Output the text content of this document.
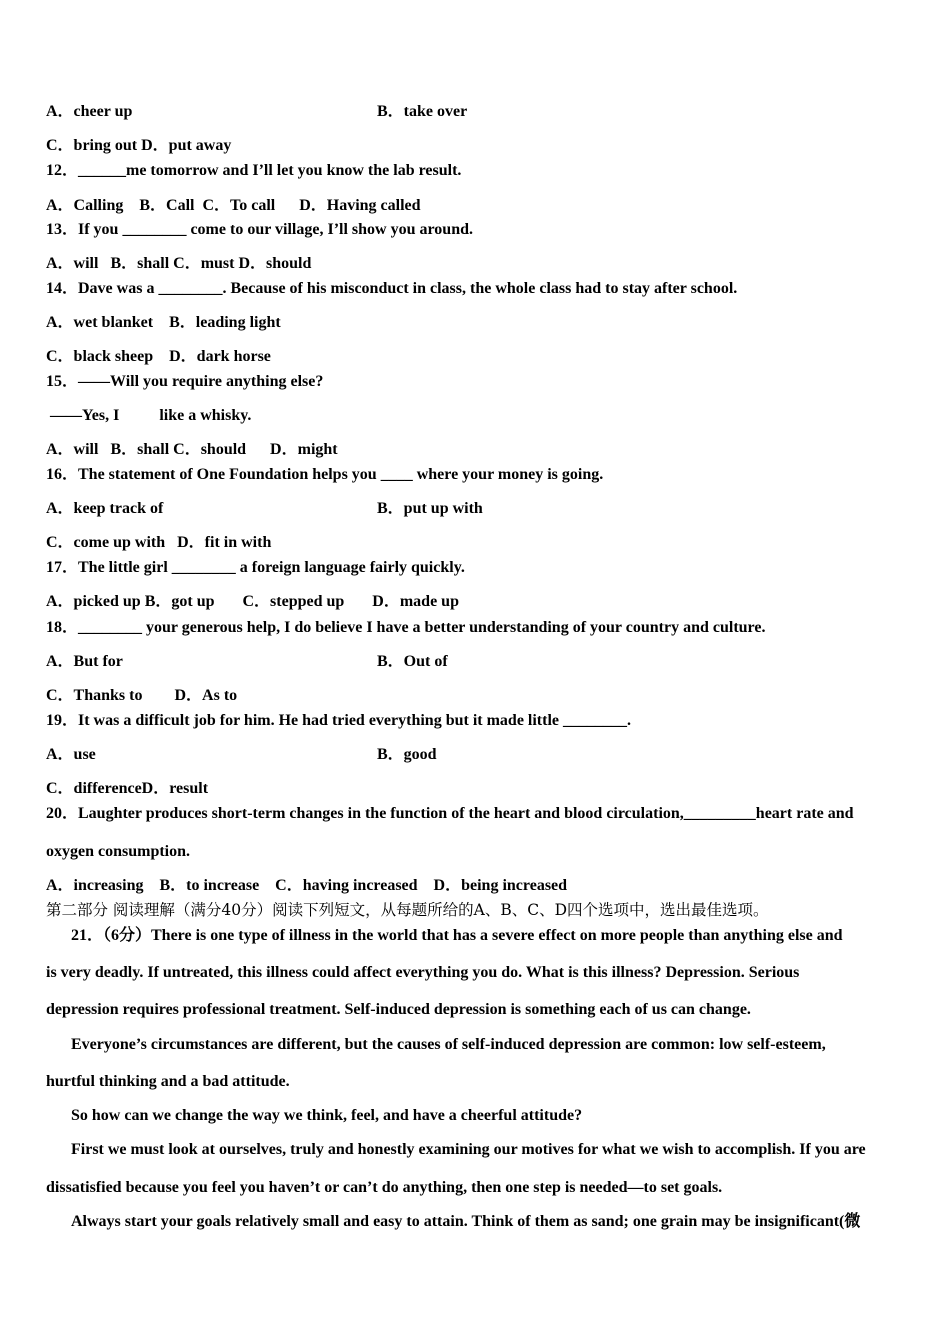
A．cheer up	B．take over
C．bring out D．put away
12．______me tomorrow and I’ll let you know the lab result.
A．Calling    B．Call  C．To call      D．Having called
13．If you ________ come to our village, I’ll show you around.
A．will   B．shall C．must D．should
14．Dave was a ________. Because of his misconduct in class, the whole class had to stay after school.
A．wet blanket    B．leading light
C．black sheep    D．dark horse
15．——Will you require anything else?
——Yes, I          like a whisky.
A．will   B．shall C．should      D．might
16．The statement of One Foundation helps you ____ where your money is going.
A．keep track of	B．put up with
C．come up with   D．fit in with
17．The little girl ________ a foreign language fairly quickly.
A．picked up B．got up       C．stepped up       D．made up
18．________ your generous help, I do believe I have a better understanding of your country and culture.
A．But for	B．Out of
C．Thanks to        D．As to
19．It was a difficult job for him. He had tried everything but it made little ________.
A．use	B．good
C．differenceD．result
20．Laughter produces short-term changes in the function of the heart and blood circulation,_________heart rate and
oxygen consumption.
A．increasing    B．to increase    C．having increased    D．being increased
第二部分 阅读理解（满分40分）阅读下列短文，从每题所给的A、B、C、D四个选项中，选出最佳选项。
21．（6分）There is one type of illness in the world that has a severe effect on more people than anything else and
is very deadly. If untreated, this illness could affect everything you do. What is this illness? Depression. Serious
depression requires professional treatment. Self-induced depression is something each of us can change.
Everyone’s circumstances are different, but the causes of self-induced depression are common: low self-esteem,
hurtful thinking and a bad attitude.
So how can we change the way we think, feel, and have a cheerful attitude?
First we must look at ourselves, truly and honestly examining our motives for what we wish to accomplish. If you are
dissatisfied because you feel you haven’t or can’t do anything, then one step is needed—to set goals.
Always start your goals relatively small and easy to attain. Think of them as sand; one grain may be insignificant(微
